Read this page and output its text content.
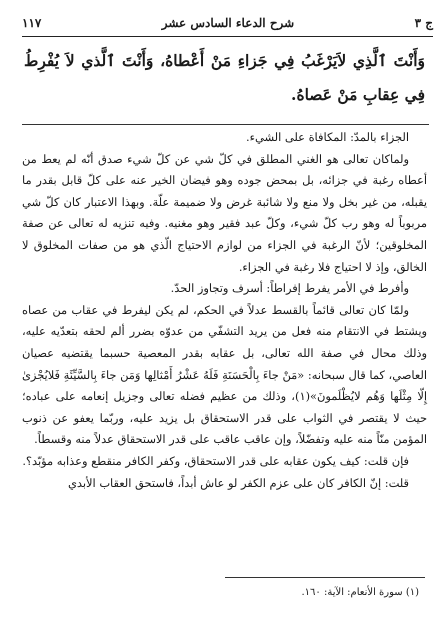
ج ٣
شرح الدعاء السادس عشر
١١٧
وَأَنْتَ ٱلَّذِي لاَيَرْغَبُ فِي جَزاءِ مَنْ أَعْطاهُ، وَأَنْتَ ٱلَّذي لاَ يُفْرِطُ فِي عِقابِ مَنْ عَصاهُ.

الجزاء بالمدّ: المكافاة على الشيء.

ولماكان تعالى هو الغني المطلق في كلّ شي عن كلّ شيء صدق أنّه لم يعط من أعطاه رغبة في جزائه، بل بمحض جوده وهو فيضان الخير عنه على كلّ قابل بقدر ما يقبله، من غير بخل ولا منع ولا شائبة غرض ولا ضميمة علّة. وبهذا الاعتبار كان كلّ شي مربوباً له وهو رب كلّ شيء، وكلّ عبد فقير وهو مغنيه. وفيه تنزيه له تعالى عن صفة المخلوقين؛ لأنّ الرغبة في الجزاء من لوازم الاحتياج الّذي هو من صفات المخلوق لا الخالق، وإذ لا احتياج فلا رغبة في الجزاء.

وأفرط في الأمر يفرط إفراطاً: أسرف وتجاوز الحدّ.

ولمّا كان تعالى قائماً بالقسط عدلاً في الحكم، لم يكن ليفرط في عقاب من عصاه ويشتط في الانتقام منه فعل من يريد التشفّي من عدوّه بضرر ألم لحقه بتعدّيه عليه، وذلك محال في صفة الله تعالى، بل عقابه بقدر المعصية حسبما يقتضيه عصيان العاصي، كما قال سبحانه: «مَنْ جاءَ بِالْحَسَنَةِ فَلَهُ عَشْرُ أَمْثالِها وَمَن جاءَ بِالسَّيِّئَةِ فَلايُجْزىٰ إِلّا مِثْلَها وَهُم لايُظْلَمونَ»(١)، وذلك من عظيم فضله تعالى وجزيل إنعامه على عباده؛ حيث لا يقتصر في الثواب على قدر الاستحقاق بل يزيد عليه، وربّما يعفو عن ذنوب المؤمن منّاً منه عليه وتفضّلاً، وإن عاقب عاقب على قدر الاستحقاق عدلاً منه وقسطاً.

فإن قلت: كيف يكون عقابه على قدر الاستحقاق، وكفر الكافر منقطع وعذابه مؤبّد؟.

قلت: إنّ الكافر كان على عزم الكفر لو عاش أبداً، فاستحق العقاب الأبدي

(١) سورة الأنعام: الآية: ١٦٠.
